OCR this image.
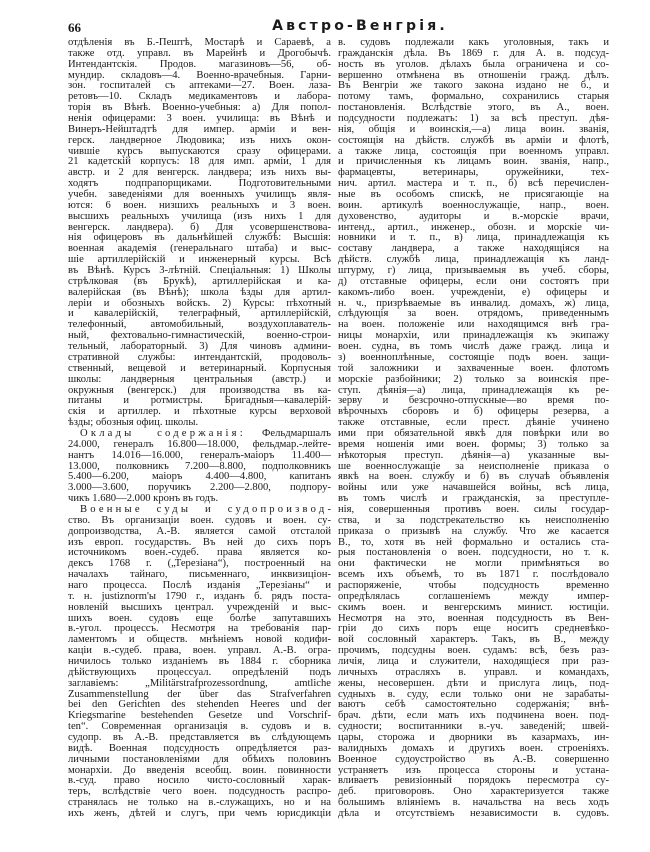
66	Австро-Венгрія.
отдѣленія въ Б.-Пештѣ, Мостарѣ и Сараевѣ, а
также отд. управл. въ Марейнѣ и Дрогобычѣ.
Интендантскія. Продов. магазиновъ—56, об-
мундир. складовъ—4. Военно-врачебныя. Гарни-
зон. госпиталей съ аптеками—27. Воен. лаза-
ретовъ—10. Складъ медикаментовъ и лабора-
торія въ Вѣнѣ. Военно-учебныя: а) Для попол-
ненія офицерами: 3 воен. училища: въ Вѣнѣ и
Винеръ-Нейштадтѣ для импер. арміи и вен-
герск. ландверное Людовика; изъ нихъ окон-
чившіе курсъ выпускаются сразу офицерами.
21 кадетскій корпусъ: 18 для имп. арміи, 1 для
австр. и 2 для венгерск. ландвера; изъ нихъ вы-
ходятъ подпрапорщиками. Подготовительными
учебн. заведеніями для военныхъ училищъ явля-
ются: 6 воен. низшихъ реальныхъ и 3 воен.
высшихъ реальныхъ училища (изъ нихъ 1 для
венгерск. ландвера). б) Для усовершенствова-
нія офицеровъ въ дальнѣйшей службѣ: Высшія:
военная академія (генеральнаго штаба) и выс-
шіе артиллерійскій и инженерный курсы. Всѣ
въ Вѣнѣ. Курсъ 3-лѣтній. Спеціальныя: 1) Школы
стрѣлковая (въ Брукѣ), артиллерійская и ка-
валерійская (въ Вѣнѣ); школа ѣзды для артил-
леріи и обозныхъ войскъ. 2) Курсы: пѣхотный
и кавалерійскій, телеграфный, артиллерійскій,
телефонный, автомобильный, воздухоплаватель-
ный, фехтовально-гимнастическій, военно-строи-
тельный, лабораторный. 3) Для чиновъ админи-
стративной службы: интендантскій, продоволь-
ственный, вещевой и ветеринарный. Корпусныя
школы: ландверныя центральныя (австр.) и
окружныя (венгерск.) для производства въ ка-
питаны и ротмистры. Бригадныя—кавалерій-
скія и артиллер. и пѣхотные курсы верховой
ѣзды; обозныя офиц. школы.
Оклады содержанія: Фельдмаршалъ
24.000, генералъ 16.800—18.000, фельдмар.-лейте-
нантъ 14.016—16.000, генералъ-маіоръ 11.400—
13.000, полковникъ 7.200—8.800, подполковникъ
5.400—6.200, маіоръ 4.400—4.800, капитанъ
3.000—3.600, поручикъ 2.200—2.800, подпору-
чикъ 1.680—2.000 кронъ въ годъ.
Военные суды и судопроизвод-
ство. Въ организаціи воен. судовъ и воен. су-
допроизводства, А.-В. является самой отсталой
изъ европ. государствъ. Въ ней до сихъ поръ
источникомъ воен.-судеб. права является ко-
дексъ 1768 г. („Терезіана“), построенный на
началахъ тайнаго, письменнаго, инквизиціон-
наго процесса. Послѣ изданія „Терезіаны“ и
т. н. justiznorm'ы 1790 г., изданъ б. рядъ поста-
новленій высшихъ централ. учрежденій и выс-
шихъ воен. судовъ еще болѣе запутавшихъ
в.-угол. процессъ. Несмотря на требованія пар-
ламентомъ и обществ. мнѣніемъ новой кодифи-
каціи в.-судеб. права, воен. управл. А.-В. огра-
ничилось только изданіемъ въ 1884 г. сборника
дѣйствующихъ процессуал. опредѣленій подъ
заглавіемъ: „Militärstrafprozessordnung, amtliche
Zusammenstellung der über das Strafverfahren
bei den Gerichten des stehenden Heeres und der
Kriegsmarine bestehenden Gesetze und Vorschrif-
ten“. Современная организація в. судовъ и в.
судопр. въ А.-В. представляется въ слѣдующемъ
видѣ. Военная подсудность опредѣляется раз-
личными постановленіями для обѣихъ половинъ
монархіи. До введенія всеобщ. воин. повинности
в.-суд. право носило чисто-сословный харак-
теръ, вслѣдствіе чего воен. подсудность распро-
странялась не только на в.-служащихъ, но и на
ихъ женъ, дѣтей и слугъ, при чемъ юрисдикціи
в. судовъ подлежали какъ уголовныя, такъ и
гражданскія дѣла. Въ 1869 г. для А. в. подсуд-
ность въ уголов. дѣлахъ была ограничена и со-
вершенно отмѣнена въ отношеніи гражд. дѣлъ.
Въ Венгріи же такого закона издано не б., и
потому тамъ, формально, сохранились старыя
постановленія. Вслѣдствіе этого, въ А., воен.
подсудности подлежатъ: 1) за всѣ преступ. дѣя-
нія, общія и воинскія,—а) лица воин. званія,
состоящія на дѣйств. службѣ въ арміи и флотѣ,
а также лица, состоящія при военномъ управл.
и причисленныя къ лицамъ воин. званія, напр.,
фармацевты, ветеринары, оружейники, тех-
нич. артил. мастера и т. п., б) всѣ перечислен-
ные въ особомъ спискѣ, не присягающіе на
воин. артикулѣ военнослужащіе, напр., воен.
духовенство, аудиторы и в.-морскіе врачи,
интенд., артил., инженер., обозн. и морскіе чи-
новники и т. п., в) лица, принадлежащія къ
составу ландвера, а также находящіяся на
дѣйств. службѣ лица, принадлежащія къ ланд-
штурму, г) лица, призываемыя въ учеб. сборы,
д) отставные офицеры, если они состоятъ при
какомъ-либо воен. учрежденіи, е) офицеры и
н. ч., призрѣваемые въ инвалид. домахъ, ж) лица,
слѣдующія за воен. отрядомъ, приведеннымъ
на воен. положеніе или находящимся внѣ гра-
ницы монархіи, или принадлежащія къ экипажу
воен. судна, въ томъ числѣ даже гражд. лица и
з) военноплѣнные, состоящіе подъ воен. защи-
той заложники и захваченные воен. флотомъ
морскіе разбойники; 2) только за воинскія пре-
ступ. дѣянія—а) лица, принадлежащія къ ре-
зерву и безсрочно-отпускные—во время по-
вѣрочныхъ сборовъ и б) офицеры резерва, а
также отставные, если прест. дѣяніе учинено
ими при обязательной явкѣ для повѣрки или во
время ношенія ими воен. формы; 3) только за
нѣкоторыя преступ. дѣянія—а) указанные вы-
ше военнослужащіе за неисполненіе приказа о
явкѣ на воен. службу и б) въ случаѣ объявленія
войны или уже начавшейся войны, всѣ лица,
въ томъ числѣ и гражданскія, за преступле-
нія, совершенныя противъ воен. силы государ-
ства, и за подстрекательство къ неисполненію
приказа о призывѣ на службу. Что же касается
В., то, хотя въ ней формально и остались ста-
рыя постановленія о воен. подсудности, но т. к.
они фактически не могли примѣняться во
всемъ ихъ объемѣ, то въ 1871 г. послѣдовало
распоряженіе, чтобы подсудность временно
опредѣлялась соглашеніемъ между импер-
скимъ воен. и венгерскимъ минист. юстиціи.
Несмотря на это, военная подсудность въ Вен-
гріи до сихъ поръ еще носитъ средневѣко-
вой сословный характеръ. Такъ, въ В., между
прочимъ, подсудны воен. судамъ: всѣ, безъ раз-
личія, лица и служители, находящіеся при раз-
личныхъ отрасляхъ в. управл. и командахъ,
жены, несовершен. дѣти и прислуга лицъ, под-
судныхъ в. суду, если только они не зарабаты-
ваютъ себѣ самостоятельно содержанія; внѣ-
брач. дѣти, если мать ихъ подчинена воен. под-
судности; воспитанники в.-уч. заведеній; швей-
цары, сторожа и дворники въ казармахъ, ин-
валидныхъ домахъ и другихъ воен. строеніяхъ.
Военное судоустройство въ А.-В. совершенно
устраняетъ изъ процесса стороны и устана-
вливаетъ ревизіонный порядокъ пересмотра су-
деб. приговоровъ. Оно характеризуется также
большимъ вліяніемъ в. начальства на весь ходъ
дѣла и отсутствіемъ независимости в. судовъ.
